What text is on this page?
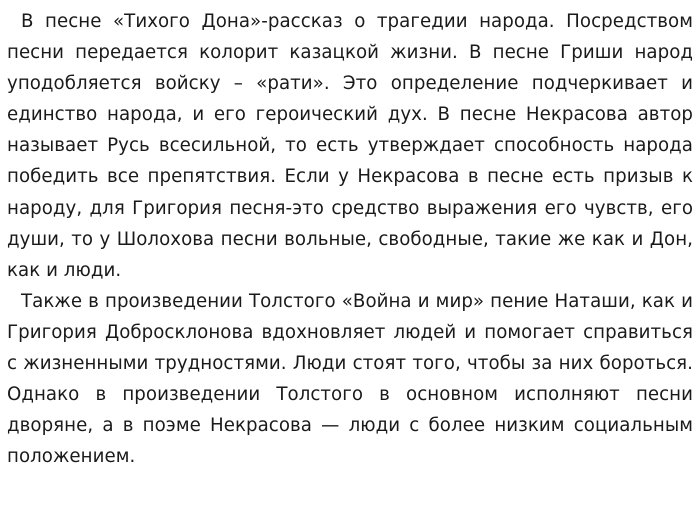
В песне «Тихого Дона»-рассказ о трагедии народа. Посредством песни передается колорит казацкой жизни. В песне Гриши народ уподобляется войску – «рати». Это определение подчеркивает и единство народа, и его героический дух. В песне Некрасова автор называет Русь всесильной, то есть утверждает способность народа победить все препятствия. Если у Некрасова в песне есть призыв к народу, для Григория песня-это средство выражения его чувств, его души, то у Шолохова песни вольные, свободные, такие же как и Дон, как и люди.

Также в произведении Толстого «Война и мир» пение Наташи, как и Григория Добросклонова вдохновляет людей и помогает справиться с жизненными трудностями. Люди стоят того, чтобы за них бороться. Однако в произведении Толстого в основном исполняют песни дворяне, а в поэме Некрасова — люди с более низким социальным положением.
